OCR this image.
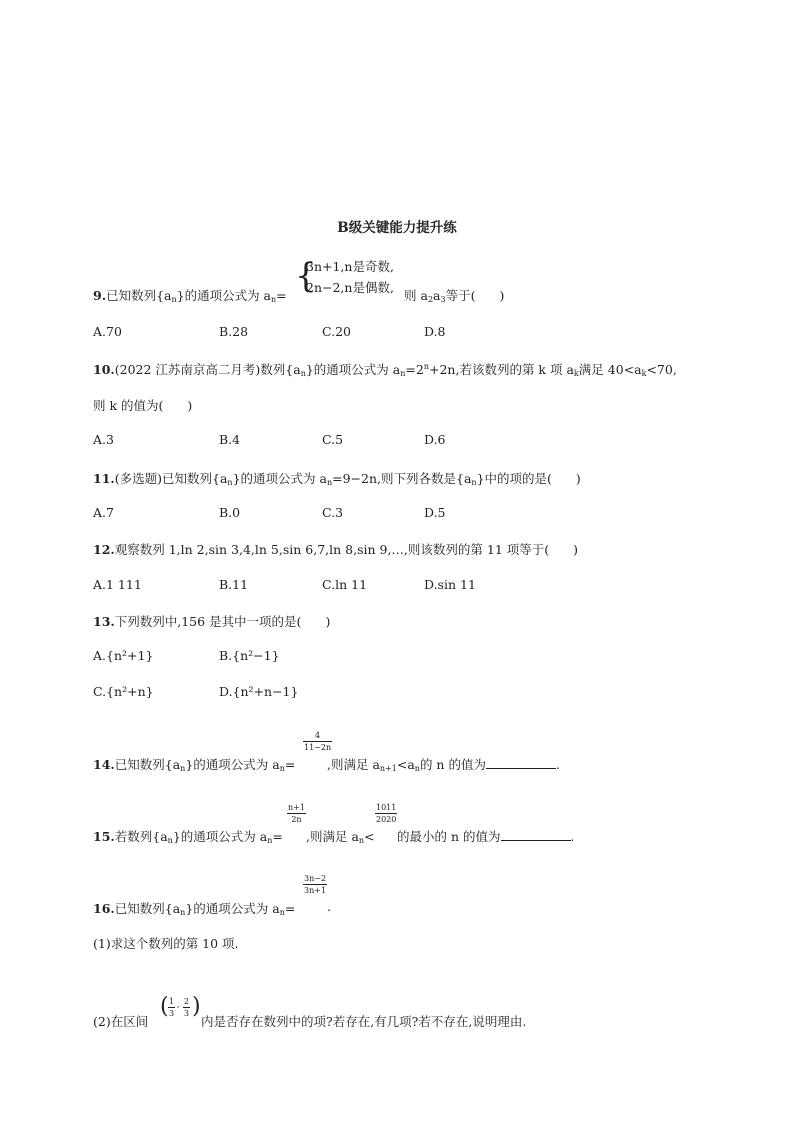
B级关键能力提升练
{
3n+1,n是奇数,
2n−2,n是偶数,
9.已知数列$\{a_n\}$的通项公式为 $a_n=$	则 $a_2a_3$等于( )
A.70	B.28	C.20	D.8
10.(2022 江苏南京高二月考)数列$\{a_n\}$的通项公式为 $a_n=2^n+2n$,若该数列的第 k 项 $a_k$满足 $40<a_k<70$,
则 k 的值为( )
A.3	B.4	C.5	D.6
11.(多选题)已知数列$\{a_n\}$的通项公式为 $a_n=9-2n$,则下列各数是$\{a_n\}$中的项的是( )
A.7	B.0	C.3	D.5
12.观察数列 1,ln 2,sin 3,4,ln 5,sin 6,7,ln 8,sin 9,…,则该数列的第 11 项等于( )
A.1 111	B.11	C.ln 11	D.sin 11
13.下列数列中,156 是其中一项的是( )
A.{n²+1}	B.{n²−1}
C.{n²+n}	D.{n²+n−1}
4
11−2n
14.已知数列$\{a_n\}$的通项公式为 $a_n=$	,则满足 $a_{n+1}<a_n$的 n 的值为	.
n+1
2n
1011
2020
15.若数列$\{a_n\}$的通项公式为 $a_n=$ ,则满足 $a_n<$ 的最小的 n 的值为	.
3n−2
3n+1
16.已知数列$\{a_n\}$的通项公式为 $a_n=$	.
(1)求这个数列的第 10 项.
(2)在区间
( 1
3
, 2
3 )
内是否存在数列中的项?若存在,有几项?若不存在,说明理由.
